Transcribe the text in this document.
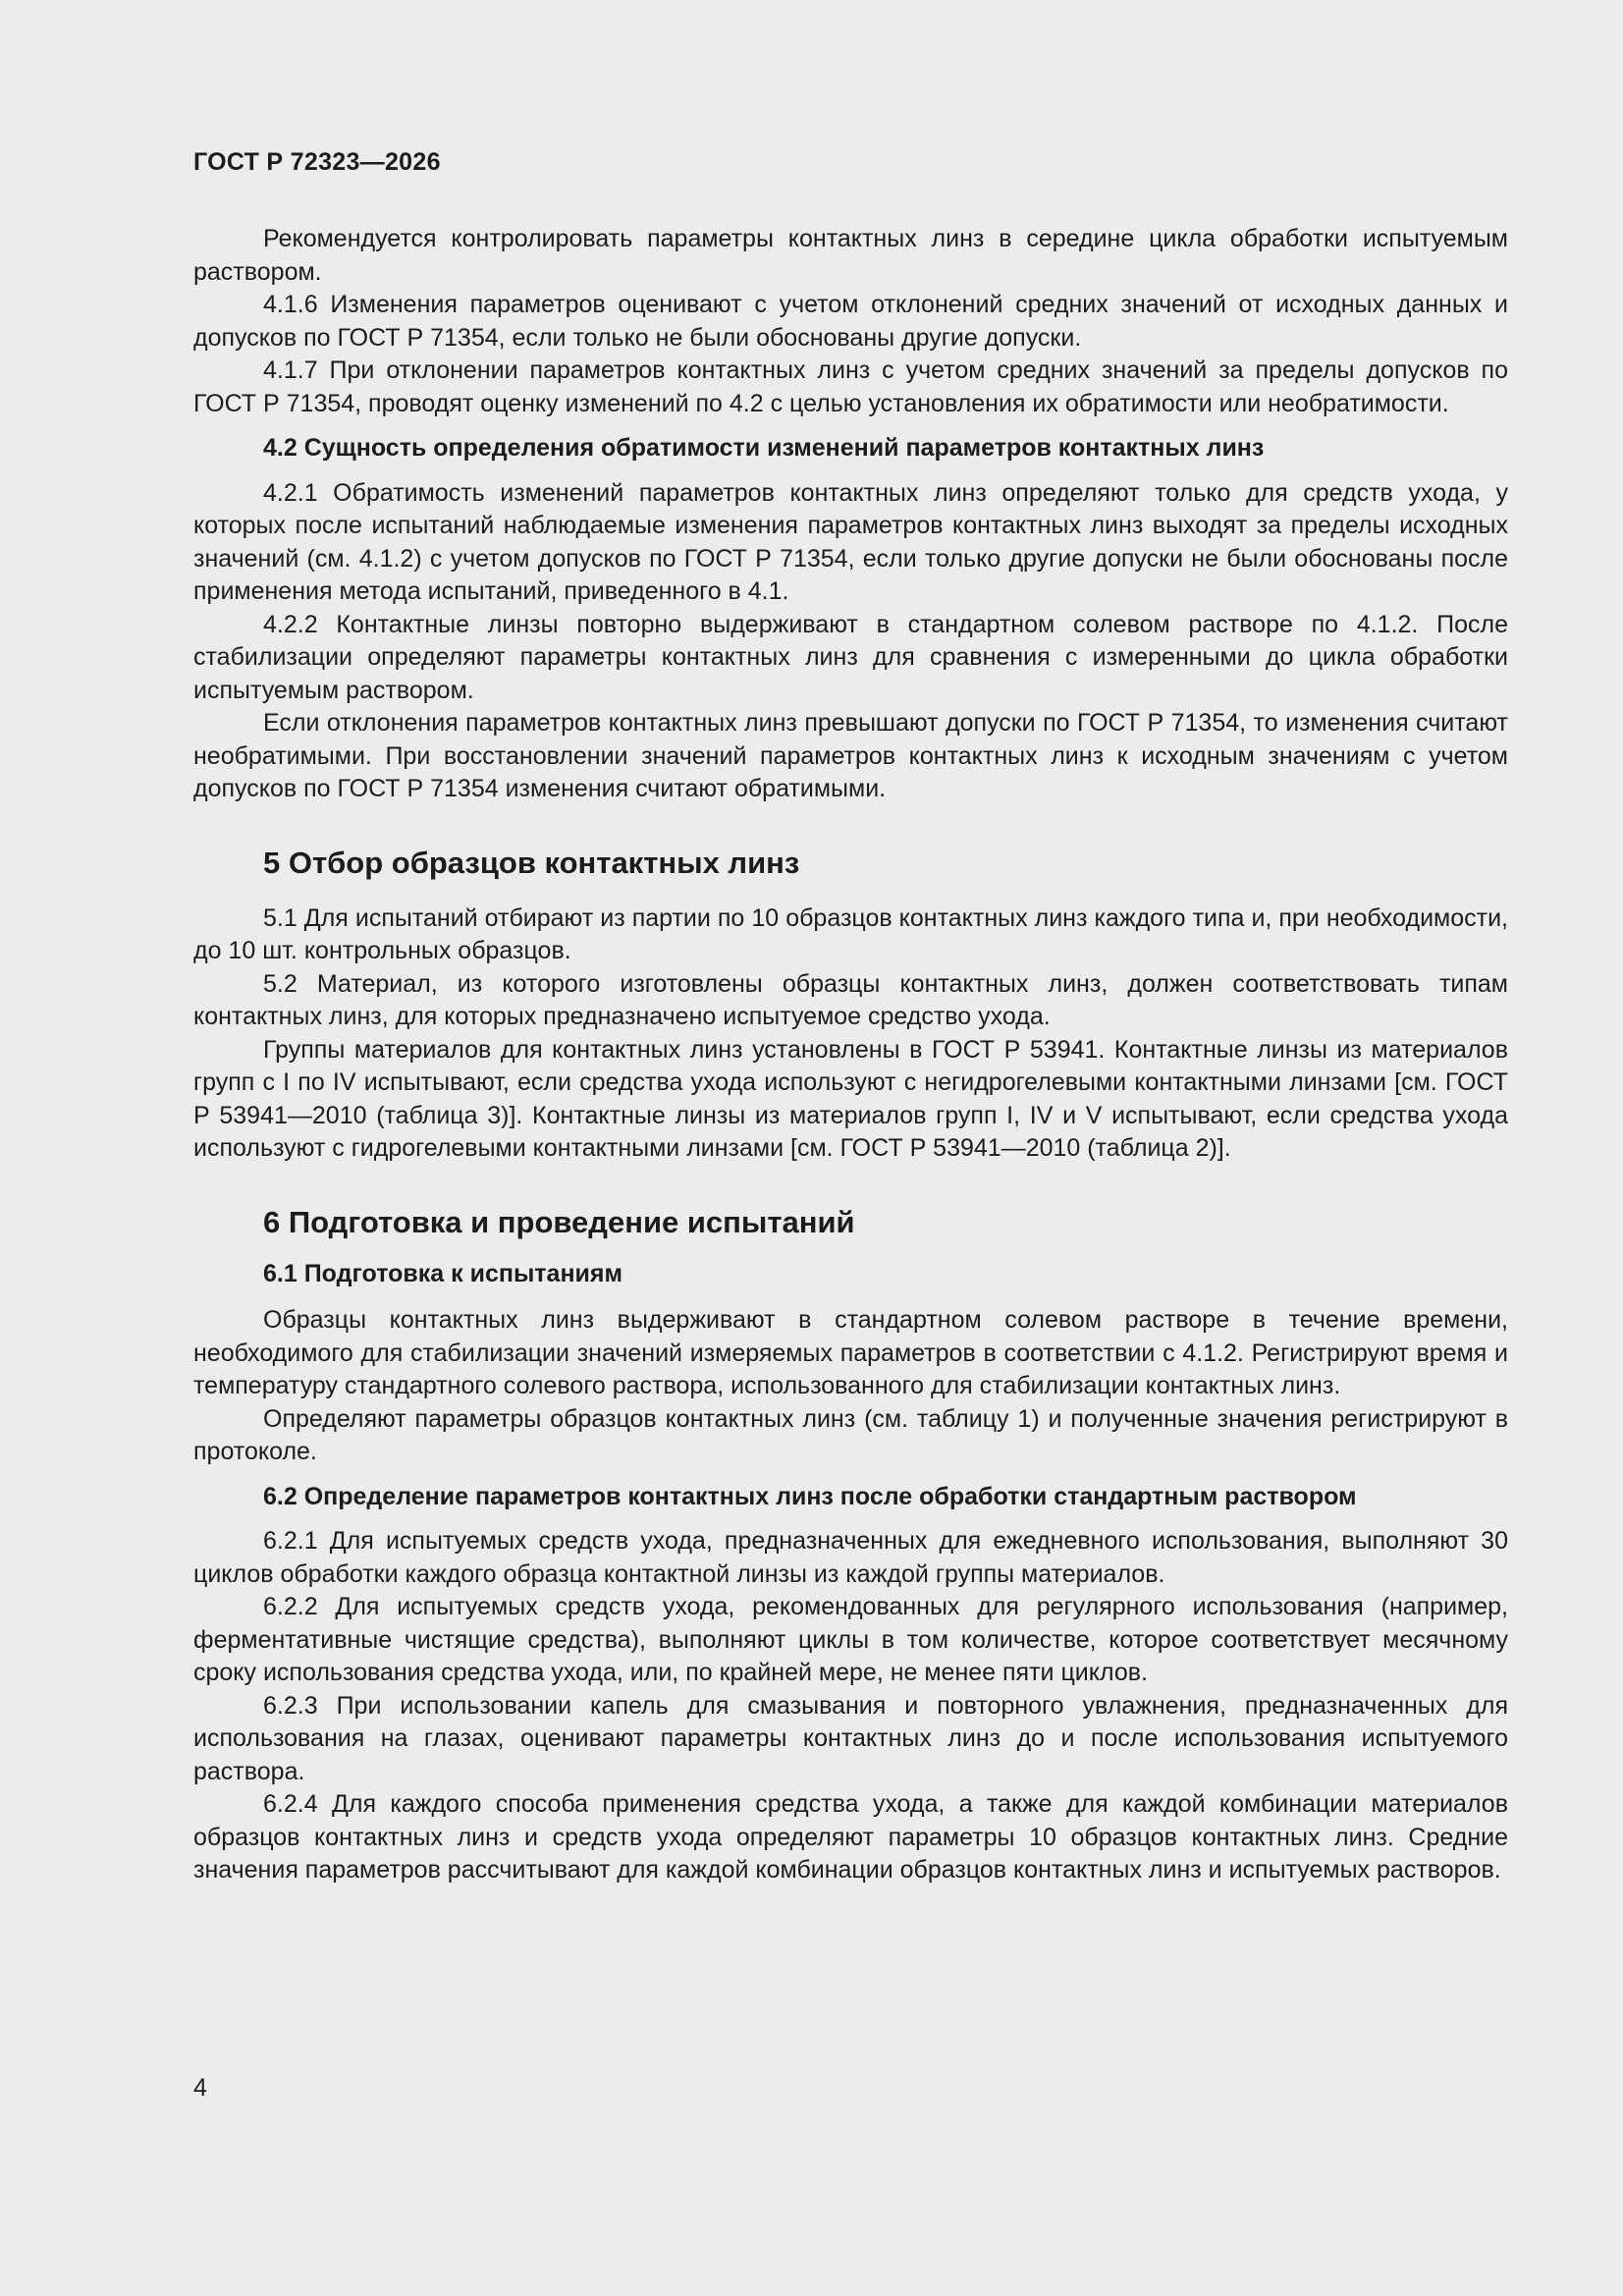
ГОСТ Р 72323—2026

Рекомендуется контролировать параметры контактных линз в середине цикла обработки испытуемым раствором.

4.1.6 Изменения параметров оценивают с учетом отклонений средних значений от исходных данных и допусков по ГОСТ Р 71354, если только не были обоснованы другие допуски.

4.1.7 При отклонении параметров контактных линз с учетом средних значений за пределы допусков по ГОСТ Р 71354, проводят оценку изменений по 4.2 с целью установления их обратимости или необратимости.

4.2 Сущность определения обратимости изменений параметров контактных линз

4.2.1 Обратимость изменений параметров контактных линз определяют только для средств ухода, у которых после испытаний наблюдаемые изменения параметров контактных линз выходят за пределы исходных значений (см. 4.1.2) с учетом допусков по ГОСТ Р 71354, если только другие допуски не были обоснованы после применения метода испытаний, приведенного в 4.1.

4.2.2 Контактные линзы повторно выдерживают в стандартном солевом растворе по 4.1.2. После стабилизации определяют параметры контактных линз для сравнения с измеренными до цикла обработки испытуемым раствором.

Если отклонения параметров контактных линз превышают допуски по ГОСТ Р 71354, то изменения считают необратимыми. При восстановлении значений параметров контактных линз к исходным значениям с учетом допусков по ГОСТ Р 71354 изменения считают обратимыми.

5 Отбор образцов контактных линз

5.1 Для испытаний отбирают из партии по 10 образцов контактных линз каждого типа и, при необходимости, до 10 шт. контрольных образцов.

5.2 Материал, из которого изготовлены образцы контактных линз, должен соответствовать типам контактных линз, для которых предназначено испытуемое средство ухода.

Группы материалов для контактных линз установлены в ГОСТ Р 53941. Контактные линзы из материалов групп с I по IV испытывают, если средства ухода используют с негидрогелевыми контактными линзами [см. ГОСТ Р 53941—2010 (таблица 3)]. Контактные линзы из материалов групп I, IV и V испытывают, если средства ухода используют с гидрогелевыми контактными линзами [см. ГОСТ Р 53941—2010 (таблица 2)].

6 Подготовка и проведение испытаний
6.1 Подготовка к испытаниям

Образцы контактных линз выдерживают в стандартном солевом растворе в течение времени, необходимого для стабилизации значений измеряемых параметров в соответствии с 4.1.2. Регистрируют время и температуру стандартного солевого раствора, использованного для стабилизации контактных линз.

Определяют параметры образцов контактных линз (см. таблицу 1) и полученные значения регистрируют в протоколе.

6.2 Определение параметров контактных линз после обработки стандартным раствором

6.2.1 Для испытуемых средств ухода, предназначенных для ежедневного использования, выполняют 30 циклов обработки каждого образца контактной линзы из каждой группы материалов.

6.2.2 Для испытуемых средств ухода, рекомендованных для регулярного использования (например, ферментативные чистящие средства), выполняют циклы в том количестве, которое соответствует месячному сроку использования средства ухода, или, по крайней мере, не менее пяти циклов.

6.2.3 При использовании капель для смазывания и повторного увлажнения, предназначенных для использования на глазах, оценивают параметры контактных линз до и после использования испытуемого раствора.

6.2.4 Для каждого способа применения средства ухода, а также для каждой комбинации материалов образцов контактных линз и средств ухода определяют параметры 10 образцов контактных линз. Средние значения параметров рассчитывают для каждой комбинации образцов контактных линз и испытуемых растворов.

4
